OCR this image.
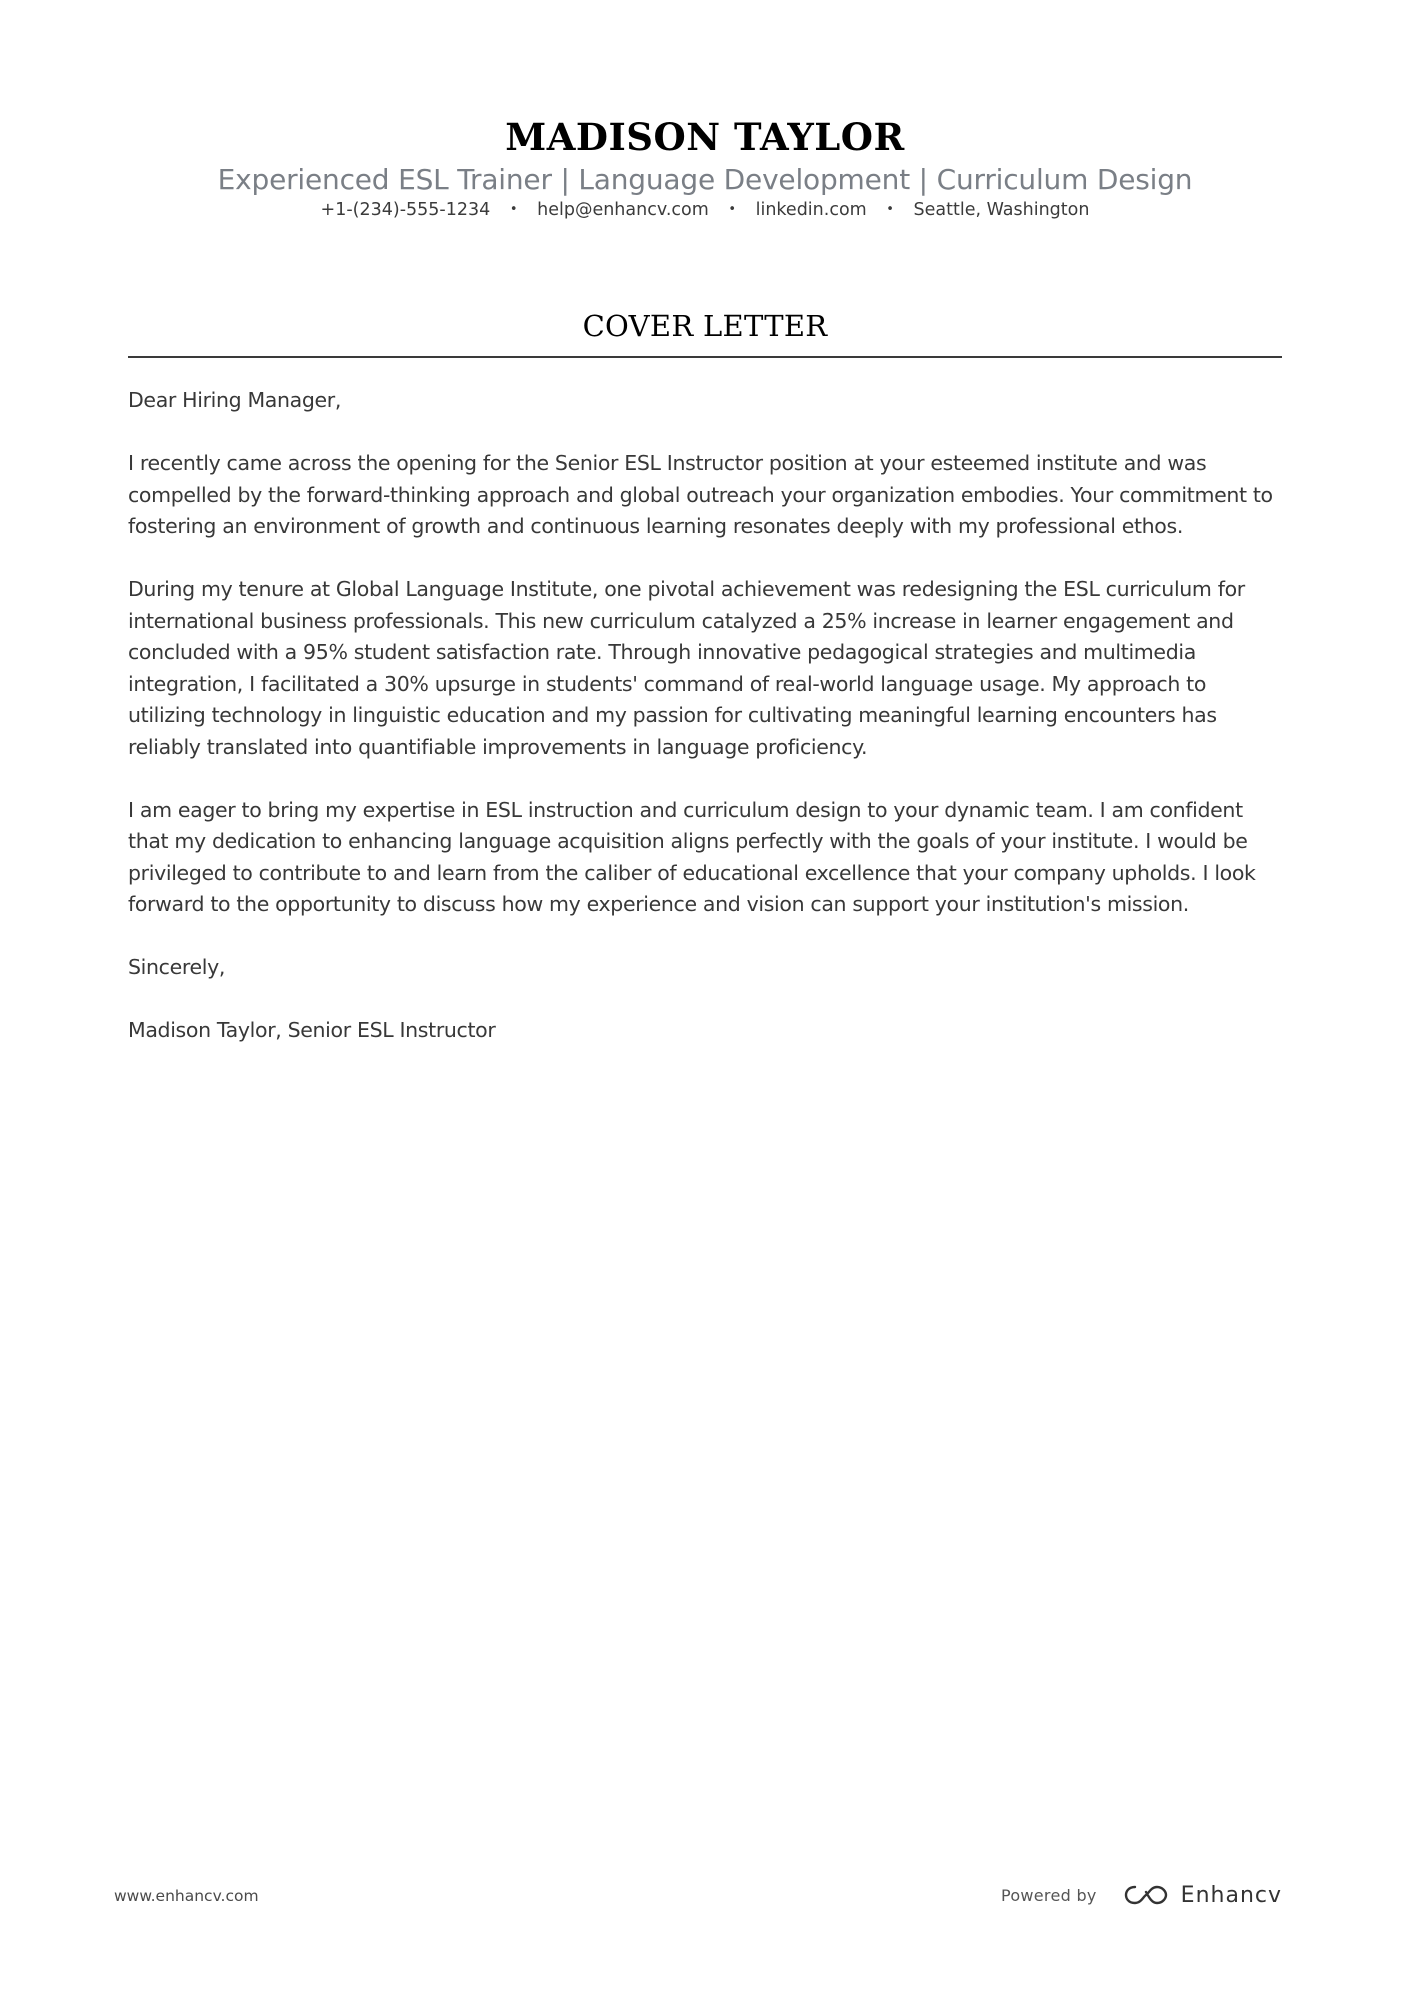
MADISON TAYLOR
Experienced ESL Trainer | Language Development | Curriculum Design
+1-(234)-555-1234 • help@enhancv.com • linkedin.com • Seattle, Washington
COVER LETTER

Dear Hiring Manager,

I recently came across the opening for the Senior ESL Instructor position at your esteemed institute and was compelled by the forward-thinking approach and global outreach your organization embodies. Your commitment to fostering an environment of growth and continuous learning resonates deeply with my professional ethos.

During my tenure at Global Language Institute, one pivotal achievement was redesigning the ESL curriculum for international business professionals. This new curriculum catalyzed a 25% increase in learner engagement and concluded with a 95% student satisfaction rate. Through innovative pedagogical strategies and multimedia integration, I facilitated a 30% upsurge in students' command of real-world language usage. My approach to utilizing technology in linguistic education and my passion for cultivating meaningful learning encounters has reliably translated into quantifiable improvements in language proficiency.

I am eager to bring my expertise in ESL instruction and curriculum design to your dynamic team. I am confident that my dedication to enhancing language acquisition aligns perfectly with the goals of your institute. I would be privileged to contribute to and learn from the caliber of educational excellence that your company upholds. I look forward to the opportunity to discuss how my experience and vision can support your institution's mission.

Sincerely,

Madison Taylor, Senior ESL Instructor

www.enhancv.com	Powered by	Enhancv
